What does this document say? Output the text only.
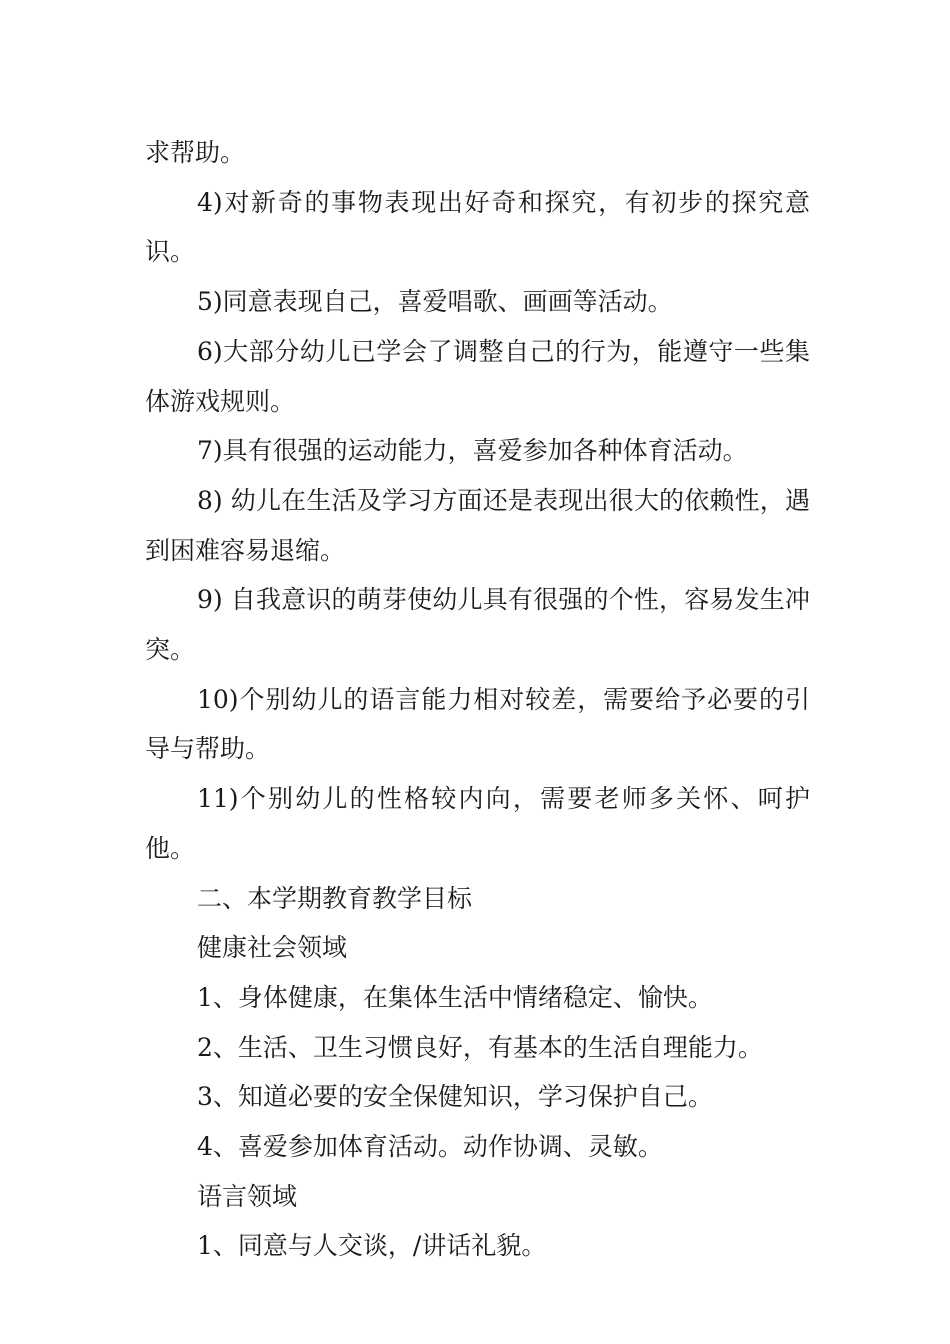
求帮助。

4)对新奇的事物表现出好奇和探究，有初步的探究意识。

5)同意表现自己，喜爱唱歌、画画等活动。

6)大部分幼儿已学会了调整自己的行为，能遵守一些集体游戏规则。

7)具有很强的运动能力，喜爱参加各种体育活动。

8) 幼儿在生活及学习方面还是表现出很大的依赖性，遇到困难容易退缩。

9) 自我意识的萌芽使幼儿具有很强的个性，容易发生冲突。

10)个别幼儿的语言能力相对较差，需要给予必要的引导与帮助。

11)个别幼儿的性格较内向，需要老师多关怀、呵护他。

二、本学期教育教学目标

健康社会领域

1、身体健康，在集体生活中情绪稳定、愉快。

2、生活、卫生习惯良好，有基本的生活自理能力。

3、知道必要的安全保健知识，学习保护自己。

4、喜爱参加体育活动。动作协调、灵敏。

语言领域

1、同意与人交谈，/讲话礼貌。
